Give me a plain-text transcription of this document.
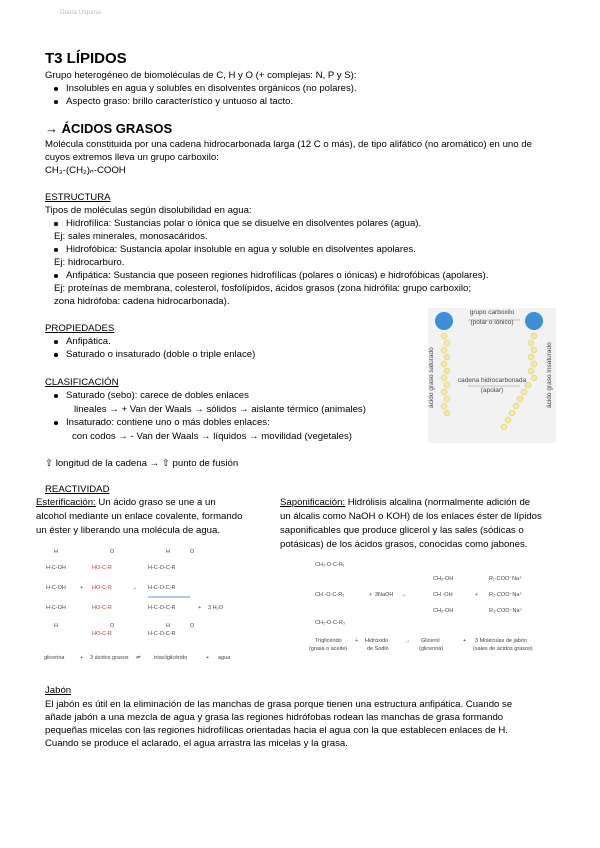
Diana Ulquina
T3 LÍPIDOS
Grupo heterogéneo de biomoléculas de C, H y O (+ complejas: N, P y S):
Insolubles en agua y solubles en disolventes orgánicos (no polares).
Aspecto graso: brillo característico y untuoso al tacto.
→ ÁCIDOS GRASOS
Molécula constituida por una cadena hidrocarbonada larga (12 C o más), de tipo alifático (no aromático) en uno de
cuyos extremos lleva un grupo carboxilo:
CH₃-(CH₂)ₙ-COOH
ESTRUCTURA
Tipos de moléculas según disolubilidad en agua:
Hidrofílica: Sustancias polar o iónica que se disuelve en disolventes polares (agua).
Ej: sales minerales, monosacáridos.
Hidrofóbica: Sustancia apolar insoluble en agua y soluble en disolventes apolares.
Ej: hidrocarburo.
Anfipática: Sustancia que poseen regiones hidrofílicas (polares o iónicas) e hidrofóbicas (apolares).
Ej: proteínas de membrana, colesterol, fosfolípidos, ácidos grasos (zona hidrófila: grupo carboxilo;
zona hidrófoba: cadena hidrocarbonada).
PROPIEDADES
Anfipática.
Saturado o insaturado (doble o triple enlace)
CLASIFICACIÓN
Saturado (sebo): carece de dobles enlaces
lineales → + Van der Waals → sólidos → aislante térmico (animales)
Insaturado: contiene uno o más dobles enlaces:
con codos → - Van der Waals → líquidos → movilidad (vegetales)
⇧ longitud de la cadena → ⇧ punto de fusión
grupo carboxilo
(polar o iónico)
cadena hidrocarbonada
(apolar)
ácido graso saturado	ácido graso insaturado
REACTIVIDAD
Esterificación: Un ácido graso se une a un
alcohol mediante un enlace covalente, formando
un éster y liberando una molécula de agua.
Saponificación: Hidrólisis alcalina (normalmente adición de
un álcalis como NaOH o KOH) de los enlaces éster de lípidos
saponificables que produce glicerol y las sales (sódicas o
potásicas) de los ácidos grasos, conocidas como jabones.
H	O	H	O
H-C-OH	HO-C-R	H-C-O-C-R
H-C-OH	+ HO-C-R	→ H-C-O-C-R
H-C-OH	HO-C-R	H-C-O-C-R	+
H	O	H	O
HO-C-R	H-C-O-C-R
3 H₂O
glicerina	+ 3 ácidos grasos ⇌ triacilglicérido	+ agua
CH₂-O-C-R₁
CH -O-C-R₂
CH₂-O-C-R₃
+	→
CH₂-OH
CH -OH
CH₂-OH
+
R₁-COO⁻Na⁺
R₂-COO⁻Na⁺
R₃-COO⁻Na⁺
3NaOH
Triglicérido
(grasa o aceite)
+ Hidróxido
de Sodio
→ Glicerol
(glicerina)
+ 3 Moléculas de jabón
(sales de ácidos grasos)
Jabón
El jabón es útil en la eliminación de las manchas de grasa porque tienen una estructura anfipática. Cuando se
añade jabón a una mezcla de agua y grasa las regiones hidrófobas rodean las manchas de grasa formando
pequeñas micelas con las regiones hidrofílicas orientadas hacia el agua con la que establecen enlaces de H.
Cuando se produce el aclarado, el agua arrastra las micelas y la grasa.
